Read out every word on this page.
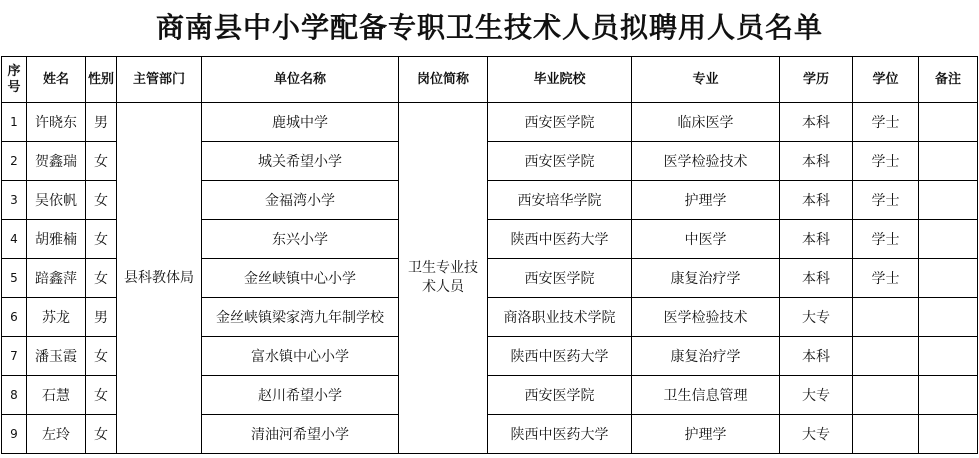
商南县中小学配备专职卫生技术人员拟聘用人员名单
序号	姓名	性别	主管部门	单位名称	岗位简称	毕业院校	专业	学历	学位	备注
1	许晓东	男	县科教体局	鹿城中学	卫生专业技术人员	西安医学院	临床医学	本科	学士	
2	贺鑫瑞	女		城关希望小学		西安医学院	医学检验技术	本科	学士	
3	吴依帆	女		金福湾小学		西安培华学院	护理学	本科	学士	
4	胡雅楠	女		东兴小学		陕西中医药大学	中医学	本科	学士	
5	踣鑫萍	女		金丝峡镇中心小学		西安医学院	康复治疗学	本科	学士	
6	苏龙	男		金丝峡镇梁家湾九年制学校		商洛职业技术学院	医学检验技术	大专		
7	潘玉霞	女		富水镇中心小学		陕西中医药大学	康复治疗学	本科		
8	石慧	女		赵川希望小学		西安医学院	卫生信息管理	大专		
9	左玲	女		清油河希望小学		陕西中医药大学	护理学	大专		
